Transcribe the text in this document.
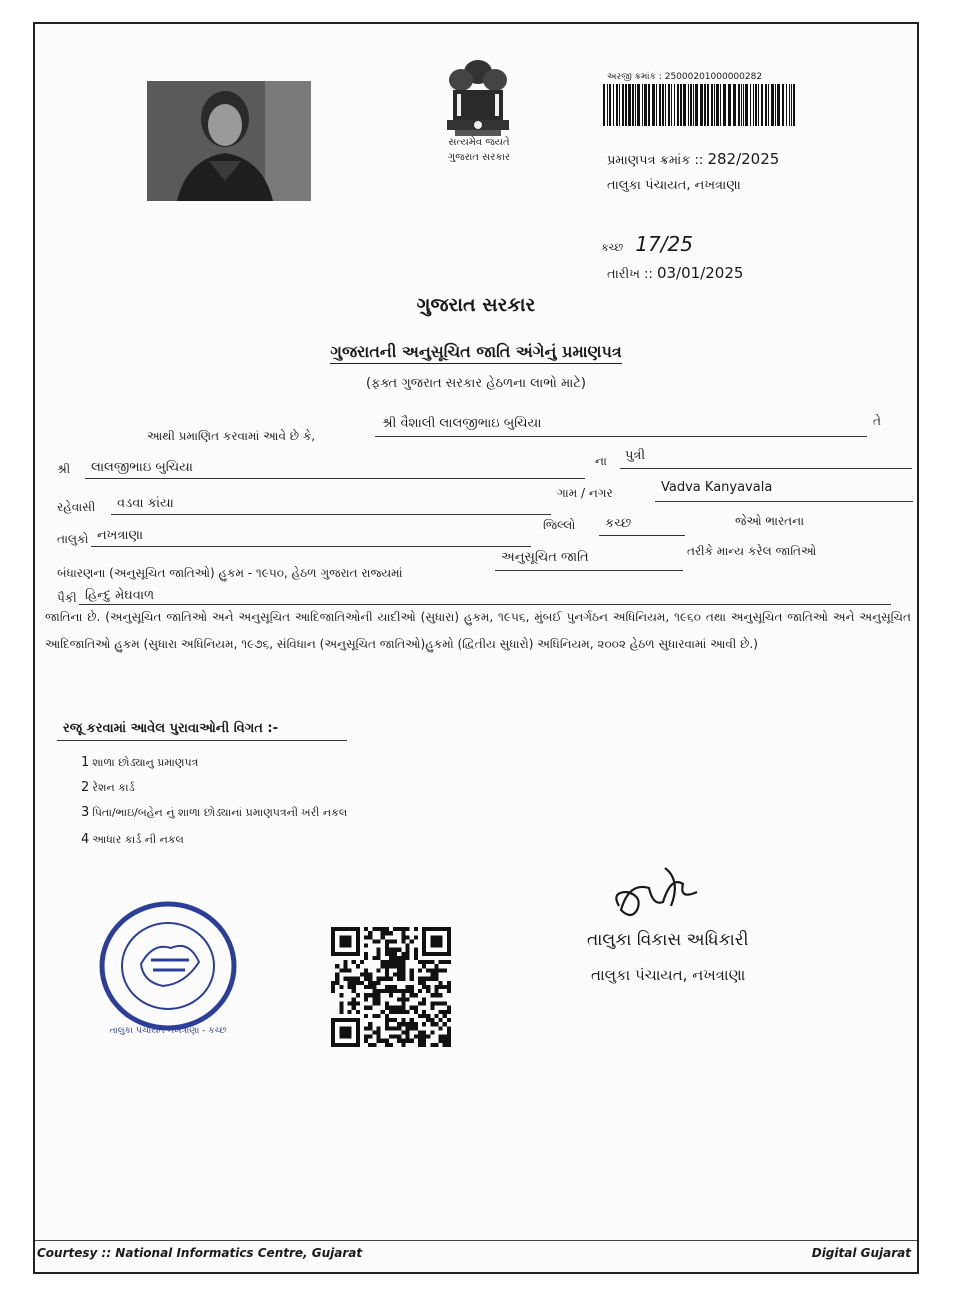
સત્યમેવ જયતે
ગુજરાત સરકાર
અરજી ક્રમાંક : 25000201000000282
પ્રમાણપત્ર ક્રમાંક :: 282/2025
તાલુકા પંચાયત, નખત્રાણા
કચ્છ 17/25
તારીખ :: 03/01/2025
ગુજરાત સરકાર
ગુજરાતની અનુસૂચિત જાતિ અંગેનું પ્રમાણપત્ર
(ફક્ત ગુજરાત સરકાર હેઠળના લાભો માટે)
આથી પ્રમાણિત કરવામાં આવે છે કે,
શ્રી વૈશાલી લાલજીભાઇ બુચિયા	તે
શ્રી લાલજીભાઇ બુચિયા	ના પુત્રી
રહેવાસી વડવા કાંયા
ગામ / નગર	Vadva Kanyavala
તાલુકો નખત્રાણા
જિલ્લો કચ્છ	જેઓ ભારતના
બંધારણના (અનુસૂચિત જાતિઓ) હુકમ - ૧૯૫૦, હેઠળ ગુજરાત રાજ્યમાં
અનુસૂચિત જાતિ	તરીકે માન્ય કરેલ જાતિઓ
પૈકી હિન્દુ મેઘવાળ
જાતિના છે. (અનુસૂચિત જાતિઓ અને અનુસૂચિત આદિજાતિઓની યાદીઓ (સુધારા) હુકમ, ૧૯૫૬, મુંબઈ પુનર્ગઠન અધિનિયમ, ૧૯૬૦ તથા અનુસૂચિત જાતિઓ અને અનુસૂચિત આદિજાતિઓ હુકમ (સુધારા અધિનિયમ, ૧૯૭૬, સંવિધાન (અનુસૂચિત જાતિઓ)હુકમો (દ્વિતીય સુધારો) અધિનિયમ, ૨૦૦૨ હેઠળ સુધારવામાં આવી છે.)
રજૂ કરવામાં આવેલ પુરાવાઓની વિગત :-
1 શાળા છોડ્યાનુ પ્રમાણપત્ર
2 રેશન કાર્ડ
3 પિતા/ભાઇ/બહેન નું શાળા છોડ્યાનાં પ્રમાણપત્રની ખરી નકલ
4 આધાર કાર્ડ ની નકલ
તાલુકા પંચાયત નખત્રાણા - કચ્છ
તાલુકા વિકાસ અધિકારી
તાલુકા પંચાયત, નખત્રાણા
Courtesy :: National Informatics Centre, Gujarat	Digital Gujarat
